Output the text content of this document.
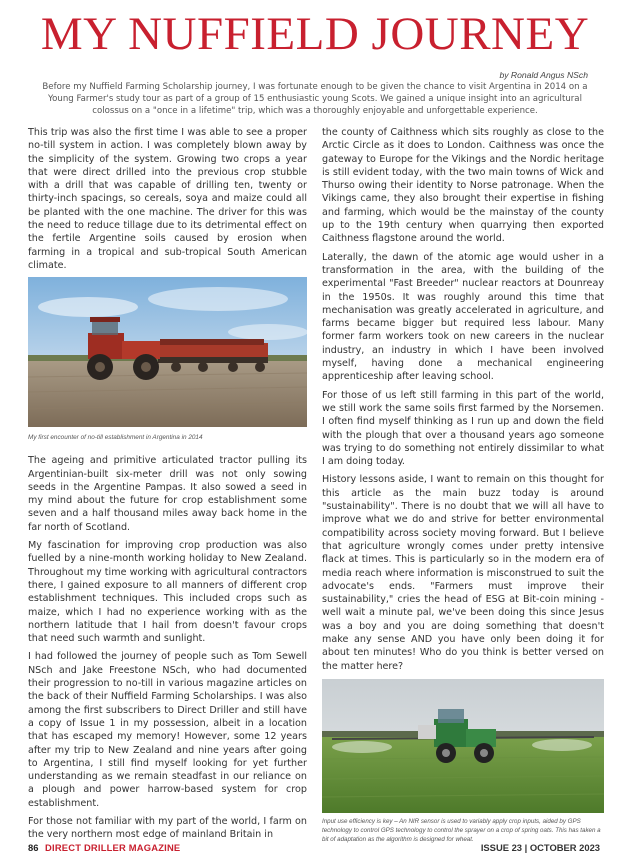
MY NUFFIELD JOURNEY
by Ronald Angus NSch
Before my Nuffield Farming Scholarship journey, I was fortunate enough to be given the chance to visit Argentina in 2014 on a Young Farmer's study tour as part of a group of 15 enthusiastic young Scots. We gained a unique insight into an agricultural colossus on a "once in a lifetime" trip, which was a thoroughly enjoyable and unforgettable experience.

This trip was also the first time I was able to see a proper no-till system in action. I was completely blown away by the simplicity of the system. Growing two crops a year that were direct drilled into the previous crop stubble with a drill that was capable of drilling ten, twenty or thirty-inch spacings, so cereals, soya and maize could all be planted with the one machine. The driver for this was the need to reduce tillage due to its detrimental effect on the fertile Argentine soils caused by erosion when farming in a tropical and sub-tropical South American climate.

My first encounter of no-till establishment in Argentina in 2014

The ageing and primitive articulated tractor pulling its Argentinian-built six-meter drill was not only sowing seeds in the Argentine Pampas. It also sowed a seed in my mind about the future for crop establishment some seven and a half thousand miles away back home in the far north of Scotland.

My fascination for improving crop production was also fuelled by a nine-month working holiday to New Zealand. Throughout my time working with agricultural contractors there, I gained exposure to all manners of different crop establishment techniques. This included crops such as maize, which I had no experience working with as the northern latitude that I hail from doesn't favour crops that need such warmth and sunlight.

I had followed the journey of people such as Tom Sewell NSch and Jake Freestone NSch, who had documented their progression to no-till in various magazine articles on the back of their Nuffield Farming Scholarships. I was also among the first subscribers to Direct Driller and still have a copy of Issue 1 in my possession, albeit in a location that has escaped my memory! However, some 12 years after my trip to New Zealand and nine years after going to Argentina, I still find myself looking for yet further understanding as we remain steadfast in our reliance on a plough and power harrow-based system for crop establishment.

For those not familiar with my part of the world, I farm on the very northern most edge of mainland Britain in

the county of Caithness which sits roughly as close to the Arctic Circle as it does to London. Caithness was once the gateway to Europe for the Vikings and the Nordic heritage is still evident today, with the two main towns of Wick and Thurso owing their identity to Norse patronage. When the Vikings came, they also brought their expertise in fishing and farming, which would be the mainstay of the county up to the 19th century when quarrying then exported Caithness flagstone around the world.

Laterally, the dawn of the atomic age would usher in a transformation in the area, with the building of the experimental "Fast Breeder" nuclear reactors at Dounreay in the 1950s. It was roughly around this time that mechanisation was greatly accelerated in agriculture, and farms became bigger but required less labour. Many former farm workers took on new careers in the nuclear industry, an industry in which I have been involved myself, having done a mechanical engineering apprenticeship after leaving school.

For those of us left still farming in this part of the world, we still work the same soils first farmed by the Norsemen. I often find myself thinking as I run up and down the field with the plough that over a thousand years ago someone was trying to do something not entirely dissimilar to what I am doing today.

History lessons aside, I want to remain on this thought for this article as the main buzz today is around "sustainability". There is no doubt that we will all have to improve what we do and strive for better environmental compatibility across society moving forward. But I believe that agriculture wrongly comes under pretty intensive flack at times. This is particularly so in the modern era of media reach where information is misconstrued to suit the advocate's ends. "Farmers must improve their sustainability," cries the head of ESG at Bit-coin mining - well wait a minute pal, we've been doing this since Jesus was a boy and you are doing something that doesn't make any sense AND you have only been doing it for about ten minutes! Who do you think is better versed on the matter here?

Input use efficiency is key – An NIR sensor is used to variably apply crop inputs, aided by GPS technology to control GPS technology to control the sprayer on a crop of spring oats. This has taken a bit of adaptation as the algorithm is designed for wheat.
86 DIRECT DRILLER MAGAZINE	ISSUE 23 | OCTOBER 2023
